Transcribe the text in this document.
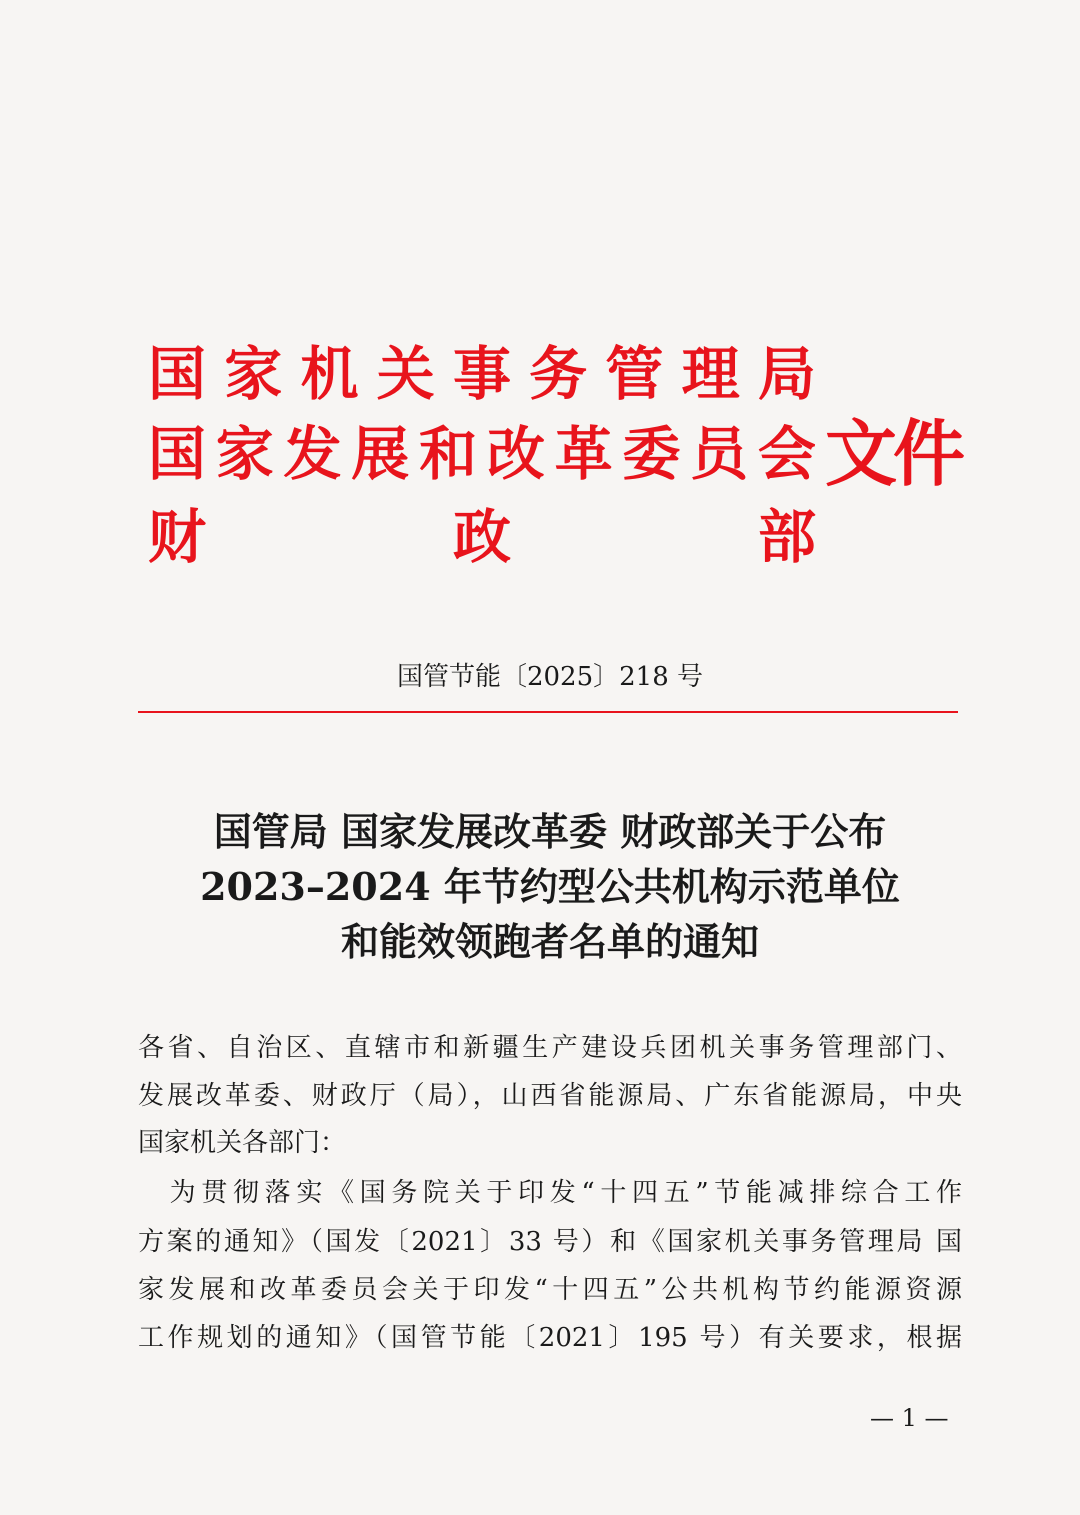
国 家 机 关 事 务 管 理 局
国 家 发 展 和 改 革 委 员 会 文件
财	政	部
国管节能〔2025〕218 号
国管局 国家发展改革委 财政部关于公布
2023–2024 年节约型公共机构示范单位
和能效领跑者名单的通知
各省、自治区、直辖市和新疆生产建设兵团机关事务管理部门、
发展改革委、财政厅（局），山西省能源局、广东省能源局，中央
国家机关各部门：
　为贯彻落实《国务院关于印发“十四五”节能减排综合工作
方案的通知》（国发〔2021〕33 号）和《国家机关事务管理局 国
家发展和改革委员会关于印发“十四五”公共机构节约能源资源
工作规划的通知》（国管节能〔2021〕195 号）有关要求，根据
— 1 —
